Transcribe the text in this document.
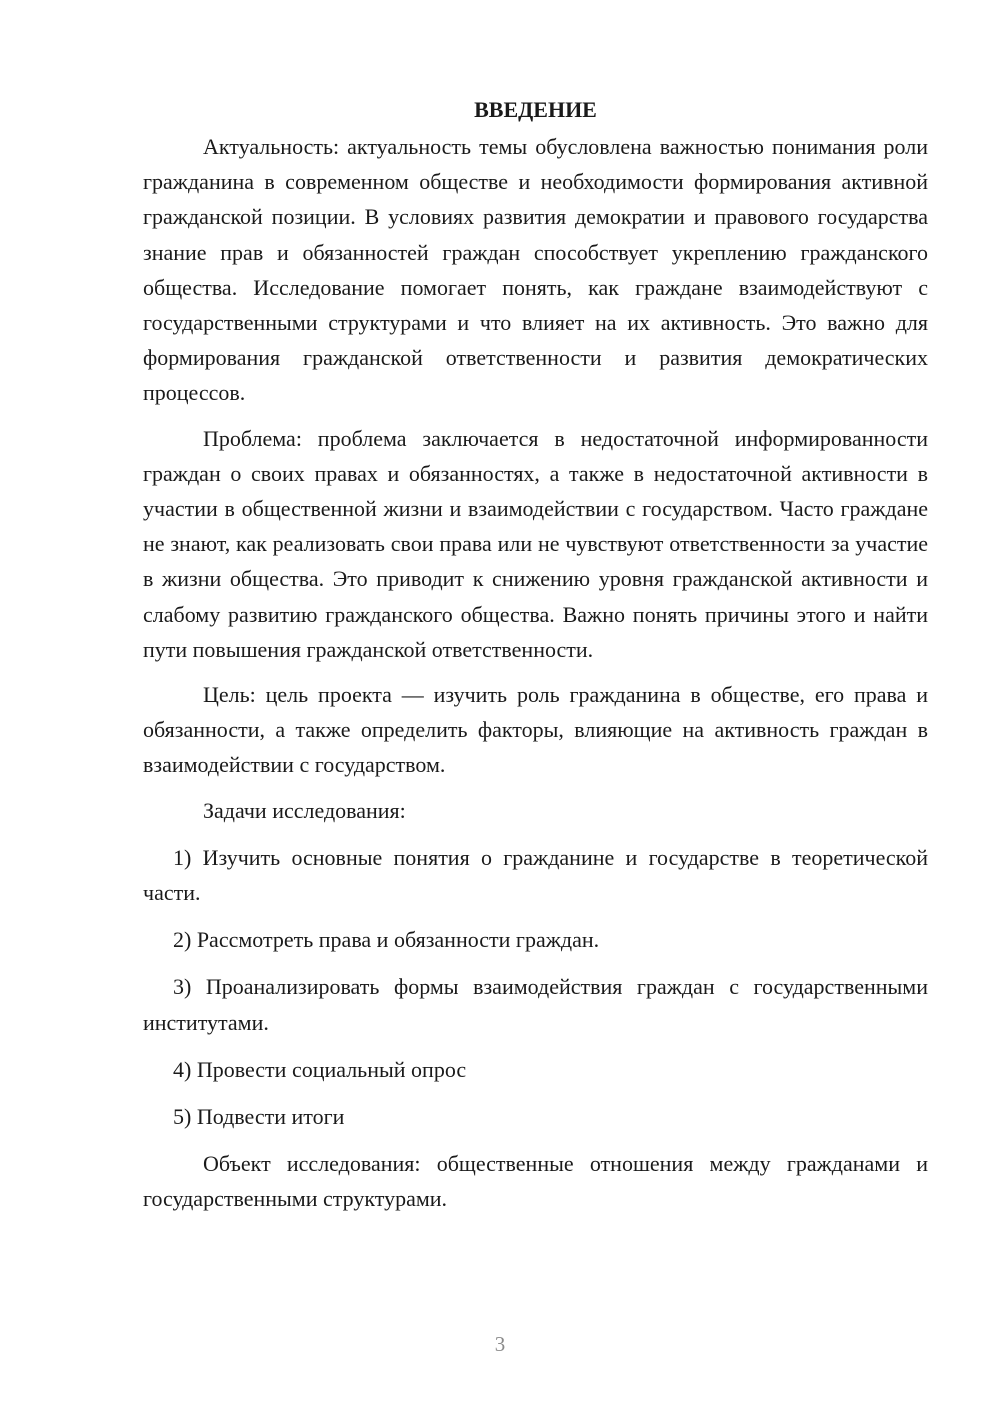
ВВЕДЕНИЕ

Актуальность: актуальность темы обусловлена важностью понимания роли гражданина в современном обществе и необходимости формирования активной гражданской позиции. В условиях развития демократии и правового государства знание прав и обязанностей граждан способствует укреплению гражданского общества. Исследование помогает понять, как граждане взаимодействуют с государственными структурами и что влияет на их активность. Это важно для формирования гражданской ответственности и развития демократических процессов.

Проблема: проблема заключается в недостаточной информированности граждан о своих правах и обязанностях, а также в недостаточной активности в участии в общественной жизни и взаимодействии с государством. Часто граждане не знают, как реализовать свои права или не чувствуют ответственности за участие в жизни общества. Это приводит к снижению уровня гражданской активности и слабому развитию гражданского общества. Важно понять причины этого и найти пути повышения гражданской ответственности.

Цель: цель проекта — изучить роль гражданина в обществе, его права и обязанности, а также определить факторы, влияющие на активность граждан в взаимодействии с государством.

Задачи исследования:

1) Изучить основные понятия о гражданине и государстве в теоретической части.

2) Рассмотреть права и обязанности граждан.

3) Проанализировать формы взаимодействия граждан с государственными институтами.

4) Провести социальный опрос

5) Подвести итоги

Объект исследования: общественные отношения между гражданами и государственными структурами.

3
